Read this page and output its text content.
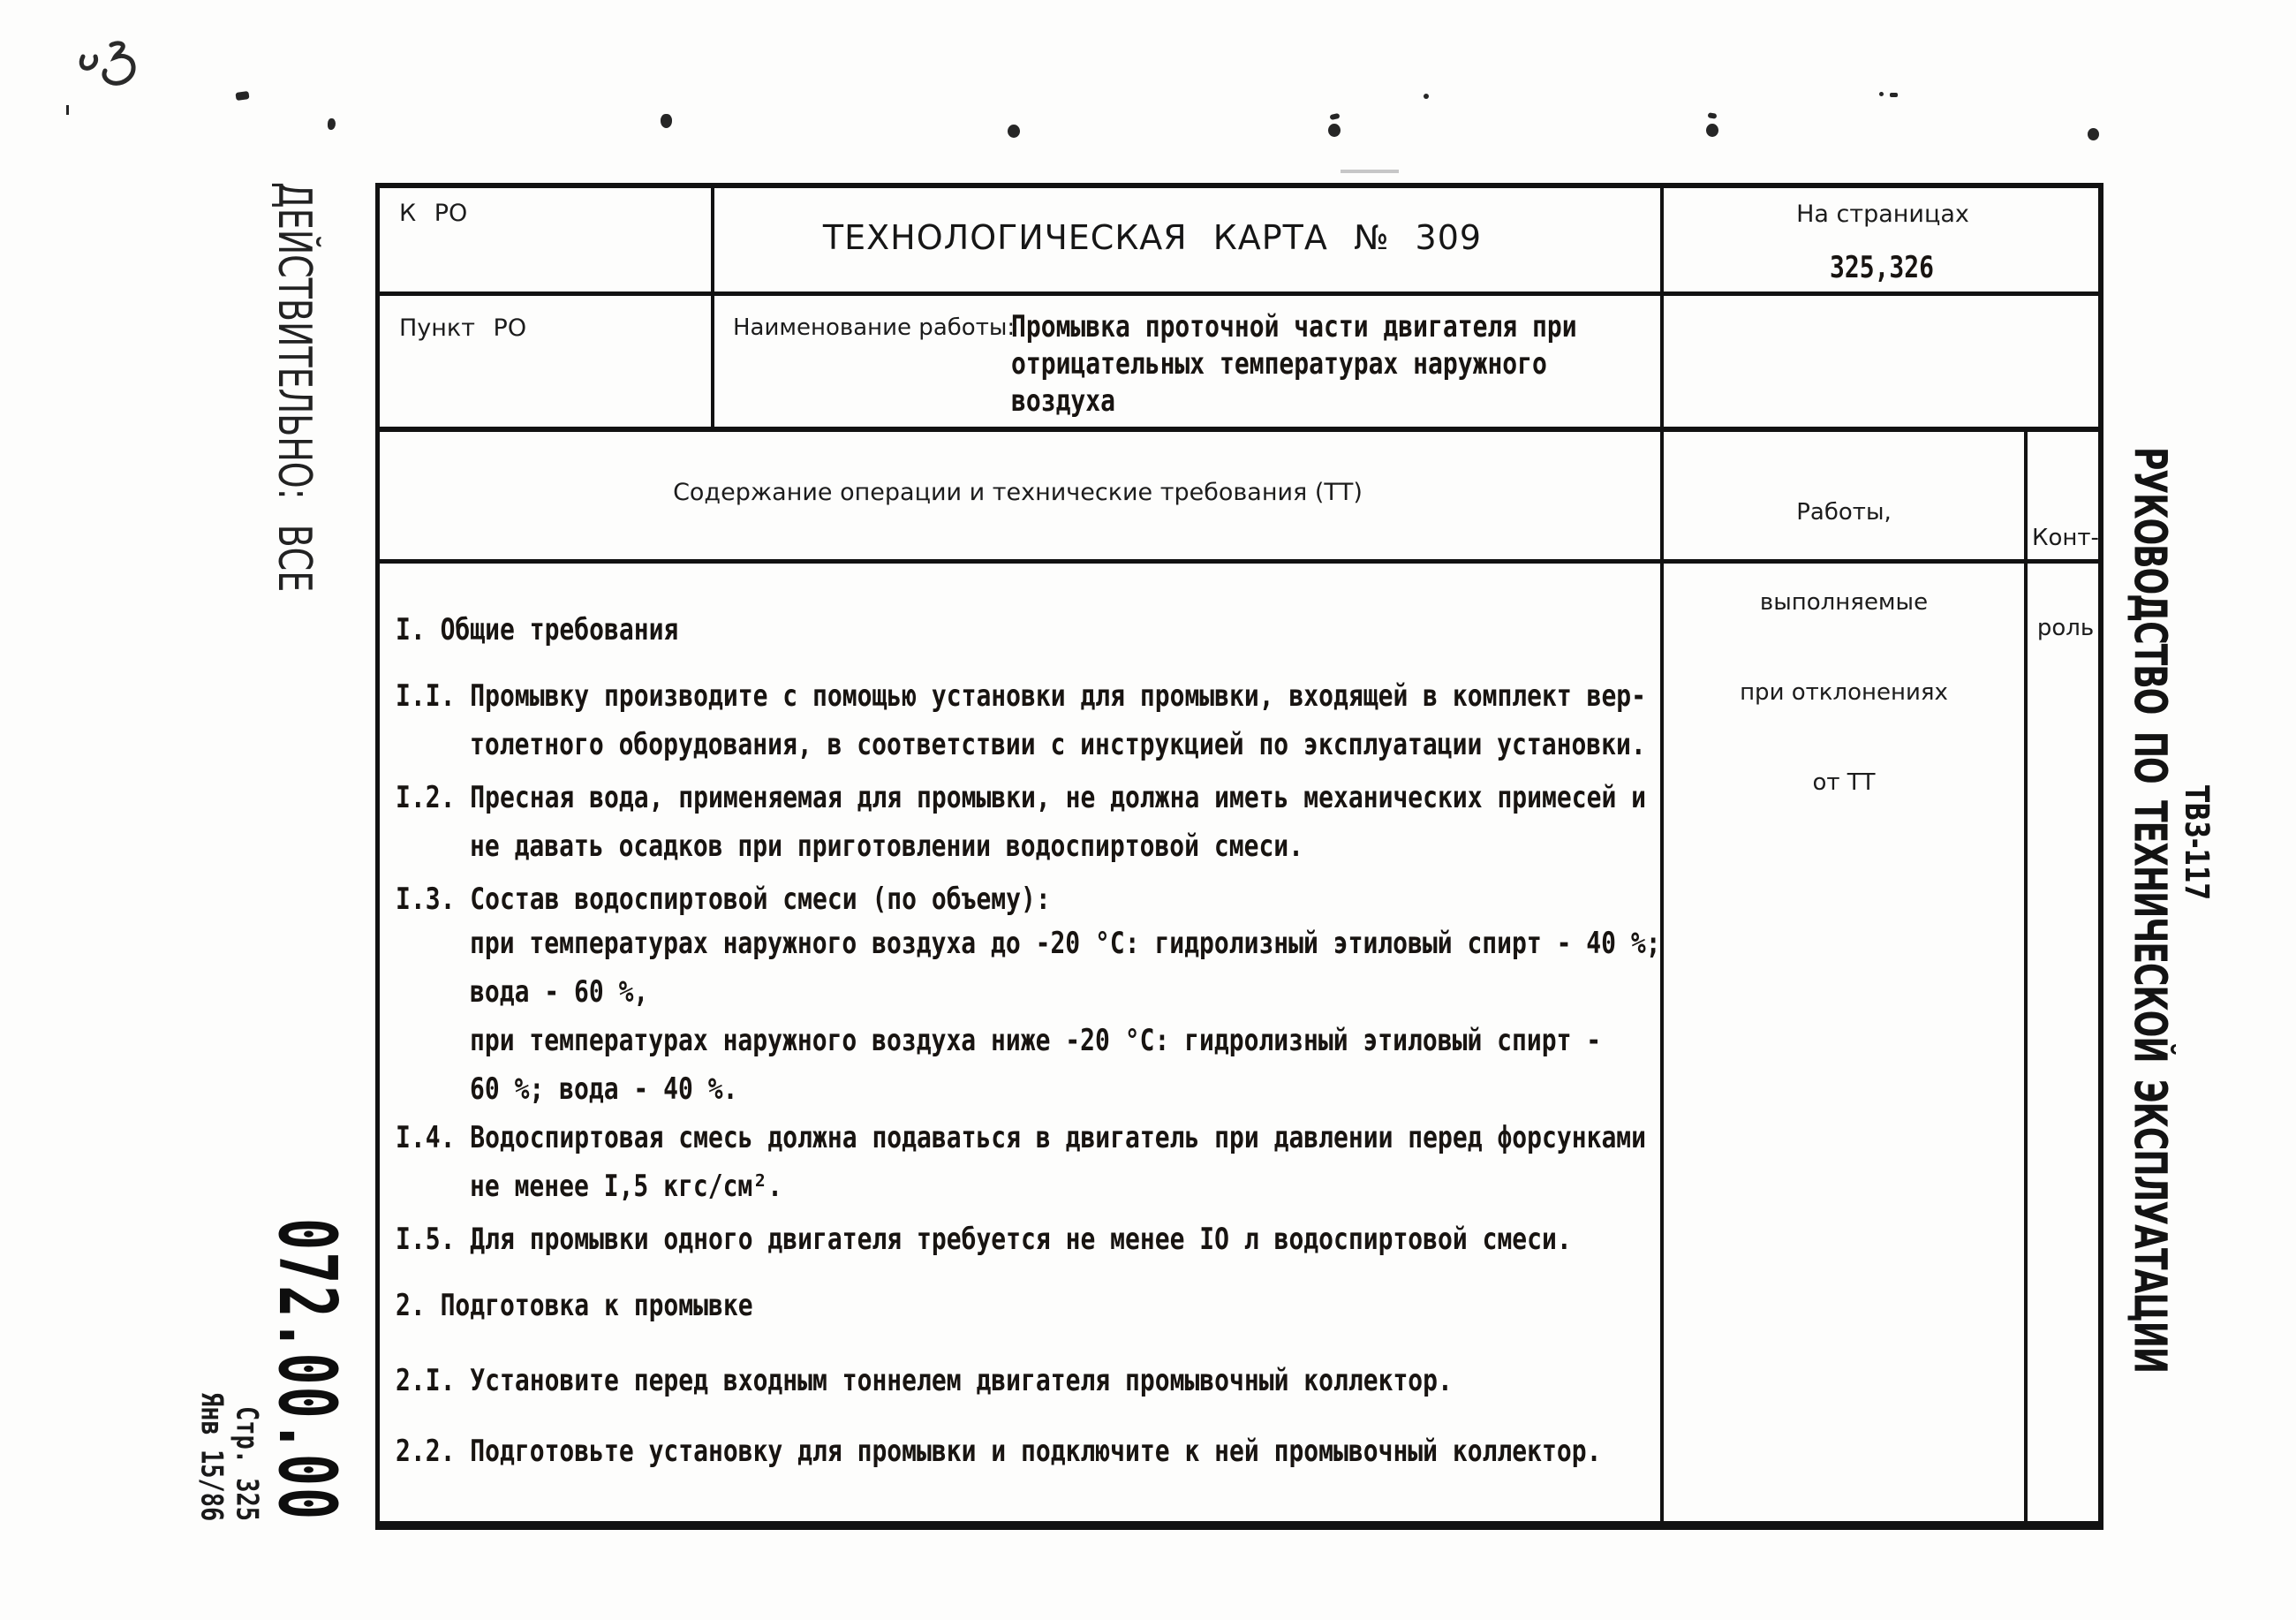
ДЕЙСТВИТЕЛЬНО: ВСЕ
072.00.00
Стр. 325
Янв 15/86
ТВ3-117
РУКОВОДСТВО ПО ТЕХНИЧЕСКОЙ ЭКСПЛУАТАЦИИ
К РО
ТЕХНОЛОГИЧЕСКАЯ КАРТА № 309
На страницах
325,326
Пункт РО	Наименование работы:
Промывка проточной части двигателя при
отрицательных температурах наружного
воздуха
Содержание операции и технические требования (ТТ)

Работы,

выполняемые

при отклонениях

от ТТ

Конт-

роль

I. Общие требования
I.I. Промывку производите с помощью установки для промывки, входящей в комплект вер-
толетного оборудования, в соответствии с инструкцией по эксплуатации установки.
I.2. Пресная вода, применяемая для промывки, не должна иметь механических примесей и
не давать осадков при приготовлении водоспиртовой смеси.
I.3. Состав водоспиртовой смеси (по объему):
при температурах наружного воздуха до -20 °С: гидролизный этиловый спирт - 40 %;
вода - 60 %,
при температурах наружного воздуха ниже -20 °С: гидролизный этиловый спирт -
60 %; вода - 40 %.
I.4. Водоспиртовая смесь должна подаваться в двигатель при давлении перед форсунками
не менее I,5 кгс/см².
I.5. Для промывки одного двигателя требуется не менее IO л водоспиртовой смеси.
2. Подготовка к промывке
2.I. Установите перед входным тоннелем двигателя промывочный коллектор.
2.2. Подготовьте установку для промывки и подключите к ней промывочный коллектор.
